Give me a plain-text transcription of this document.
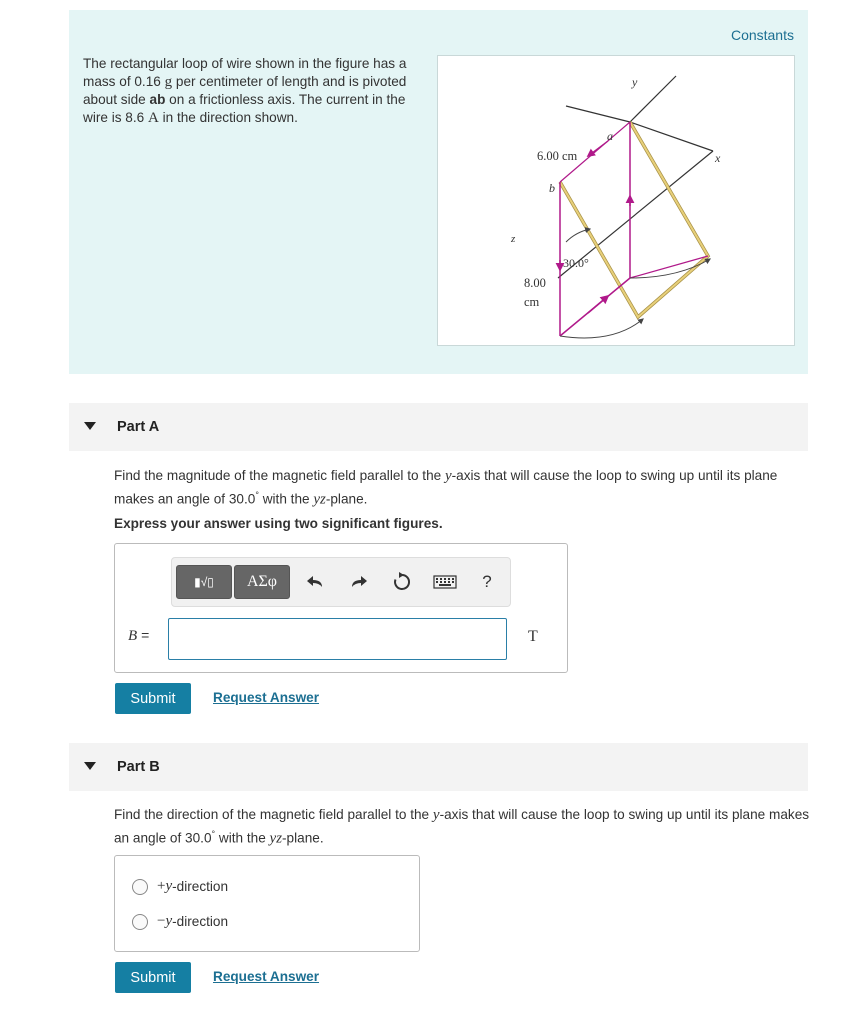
Constants
The rectangular loop of wire shown in the figure has a mass of 0.16 g per centimeter of length and is pivoted about side ab on a frictionless axis. The current in the wire is 8.6 A in the direction shown.
y
x
z
a
b
6.00 cm
30.0°
8.00
cm
Part A
Find the magnitude of the magnetic field parallel to the y-axis that will cause the loop to swing up until its plane makes an angle of 30.0° with the yz-plane.
Express your answer using two significant figures.
▮√▯ ΑΣφ	?
B =	T
Submit	Request Answer
Part B
Find the direction of the magnetic field parallel to the y-axis that will cause the loop to swing up until its plane makes an angle of 30.0° with the yz-plane.
+ y -direction
− y -direction
Submit	Request Answer
